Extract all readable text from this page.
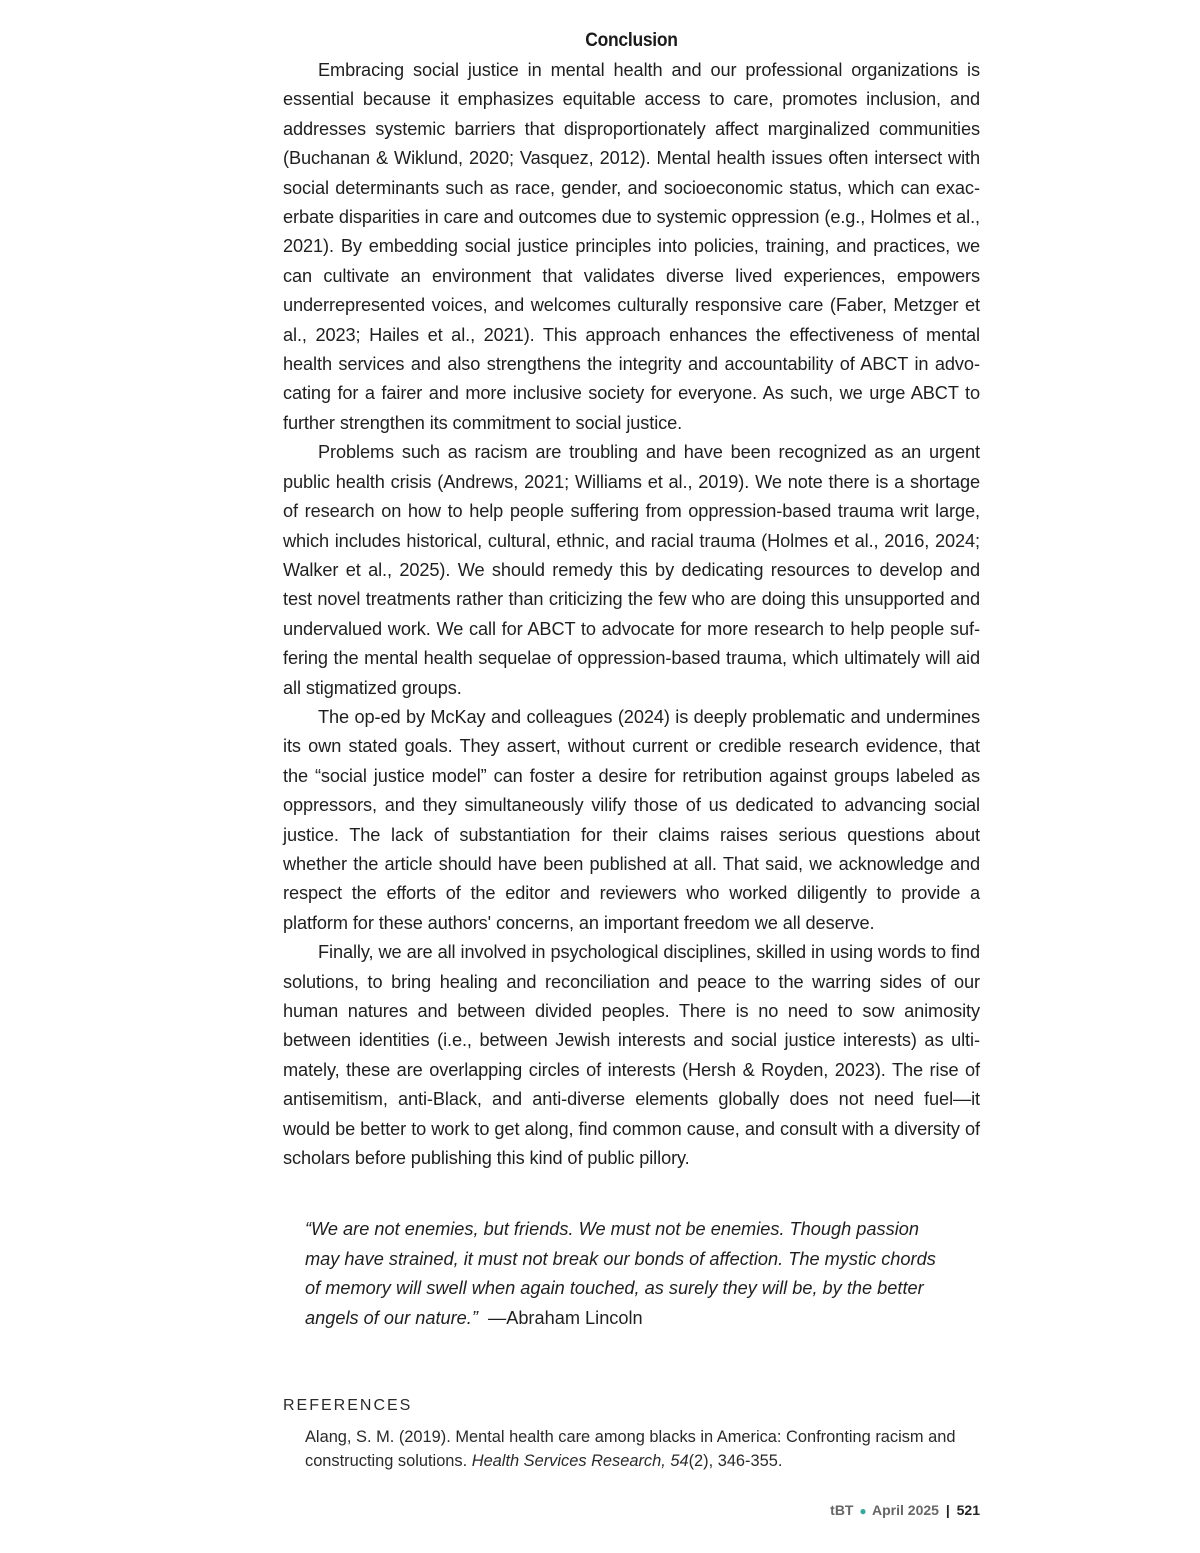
Conclusion

Embracing social justice in mental health and our professional organizations is essential because it emphasizes equitable access to care, promotes inclusion, and addresses systemic barriers that disproportionately affect marginalized communities (Buchanan & Wiklund, 2020; Vasquez, 2012). Mental health issues often intersect with social determinants such as race, gender, and socioeconomic status, which can exacerbate disparities in care and outcomes due to systemic oppression (e.g., Holmes et al., 2021). By embedding social justice principles into policies, training, and practices, we can cultivate an environment that validates diverse lived experiences, empowers underrepresented voices, and welcomes culturally responsive care (Faber, Metzger et al., 2023; Hailes et al., 2021). This approach enhances the effectiveness of mental health services and also strengthens the integrity and accountability of ABCT in advocating for a fairer and more inclusive society for everyone. As such, we urge ABCT to further strengthen its commitment to social justice.

Problems such as racism are troubling and have been recognized as an urgent public health crisis (Andrews, 2021; Williams et al., 2019). We note there is a shortage of research on how to help people suffering from oppression-based trauma writ large, which includes historical, cultural, ethnic, and racial trauma (Holmes et al., 2016, 2024; Walker et al., 2025). We should remedy this by dedicating resources to develop and test novel treatments rather than criticizing the few who are doing this unsupported and undervalued work. We call for ABCT to advocate for more research to help people suffering the mental health sequelae of oppression-based trauma, which ultimately will aid all stigmatized groups.

The op-ed by McKay and colleagues (2024) is deeply problematic and undermines its own stated goals. They assert, without current or credible research evidence, that the “social justice model” can foster a desire for retribution against groups labeled as oppressors, and they simultaneously vilify those of us dedicated to advancing social justice. The lack of substantiation for their claims raises serious questions about whether the article should have been published at all. That said, we acknowledge and respect the efforts of the editor and reviewers who worked diligently to provide a platform for these authors' concerns, an important freedom we all deserve.

Finally, we are all involved in psychological disciplines, skilled in using words to find solutions, to bring healing and reconciliation and peace to the warring sides of our human natures and between divided peoples. There is no need to sow animosity between identities (i.e., between Jewish interests and social justice interests) as ultimately, these are overlapping circles of interests (Hersh & Royden, 2023). The rise of antisemitism, anti-Black, and anti-diverse elements globally does not need fuel—it would be better to work to get along, find common cause, and consult with a diversity of scholars before publishing this kind of public pillory.

“We are not enemies, but friends. We must not be enemies. Though passion may have strained, it must not break our bonds of affection. The mystic chords of memory will swell when again touched, as surely they will be, by the better angels of our nature.” —Abraham Lincoln
REFERENCES
Alang, S. M. (2019). Mental health care among blacks in America: Confronting racism and constructing solutions. Health Services Research, 54(2), 346-355.
tBT ● April 2025 | 521
